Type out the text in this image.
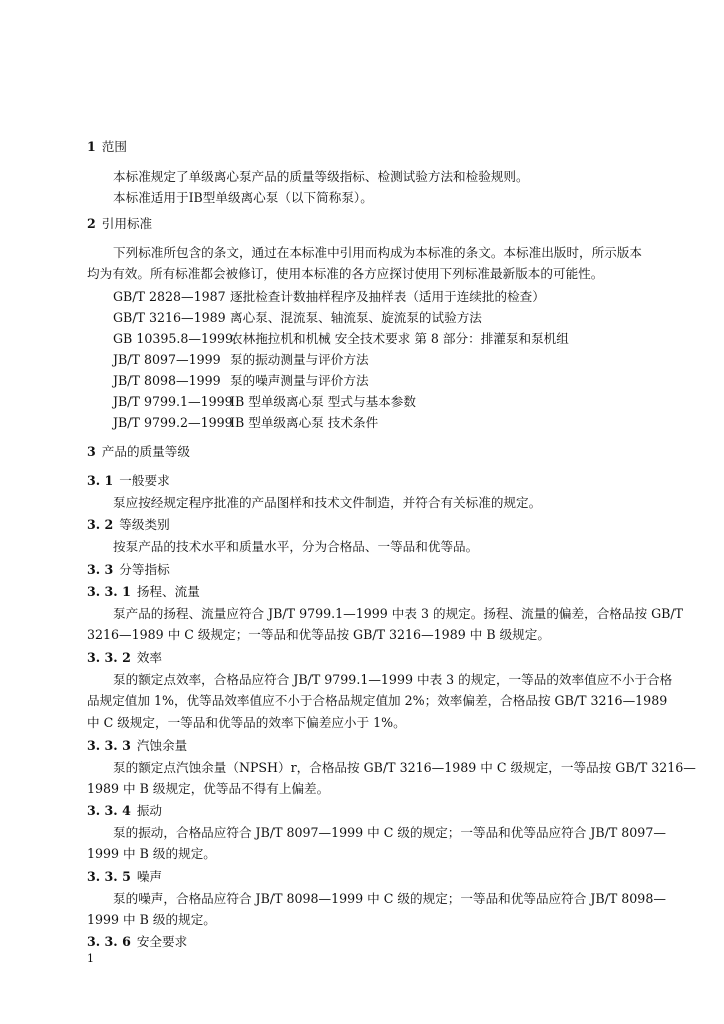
1 范围
本标准规定了单级离心泵产品的质量等级指标、检测试验方法和检验规则。
本标准适用于IB型单级离心泵（以下简称泵）。
2 引用标准
下列标准所包含的条文，通过在本标准中引用而构成为本标准的条文。本标准出版时，所示版本
均为有效。所有标准都会被修订，使用本标准的各方应探讨使用下列标准最新版本的可能性。
GB/T 2828—1987 逐批检查计数抽样程序及抽样表（适用于连续批的检查）
GB/T 3216—1989 离心泵、混流泵、轴流泵、旋流泵的试验方法
GB 10395.8—1999农林拖拉机和机械 安全技术要求 第 8 部分：排灌泵和泵机组
JB/T 8097—1999 泵的振动测量与评价方法
JB/T 8098—1999 泵的噪声测量与评价方法
JB/T 9799.1—1999IB 型单级离心泵 型式与基本参数
JB/T 9799.2—1999IB 型单级离心泵 技术条件
3 产品的质量等级
3. 1 一般要求
泵应按经规定程序批准的产品图样和技术文件制造，并符合有关标准的规定。
3. 2 等级类别
按泵产品的技术水平和质量水平，分为合格品、一等品和优等品。
3. 3 分等指标
3. 3. 1 扬程、流量
泵产品的扬程、流量应符合 JB/T 9799.1—1999 中表 3 的规定。扬程、流量的偏差，合格品按 GB/T
3216—1989 中 C 级规定；一等品和优等品按 GB/T 3216—1989 中 B 级规定。
3. 3. 2 效率
泵的额定点效率，合格品应符合 JB/T 9799.1—1999 中表 3 的规定，一等品的效率值应不小于合格
品规定值加 1%，优等品效率值应不小于合格品规定值加 2%；效率偏差，合格品按 GB/T 3216—1989
中 C 级规定，一等品和优等品的效率下偏差应小于 1%。
3. 3. 3 汽蚀余量
泵的额定点汽蚀余量（NPSH）r，合格品按 GB/T 3216—1989 中 C 级规定，一等品按 GB/T 3216—
1989 中 B 级规定，优等品不得有上偏差。
3. 3. 4 振动
泵的振动，合格品应符合 JB/T 8097—1999 中 C 级的规定；一等品和优等品应符合 JB/T 8097—
1999 中 B 级的规定。
3. 3. 5 噪声
泵的噪声，合格品应符合 JB/T 8098—1999 中 C 级的规定；一等品和优等品应符合 JB/T 8098—
1999 中 B 级的规定。
3. 3. 6 安全要求
1
